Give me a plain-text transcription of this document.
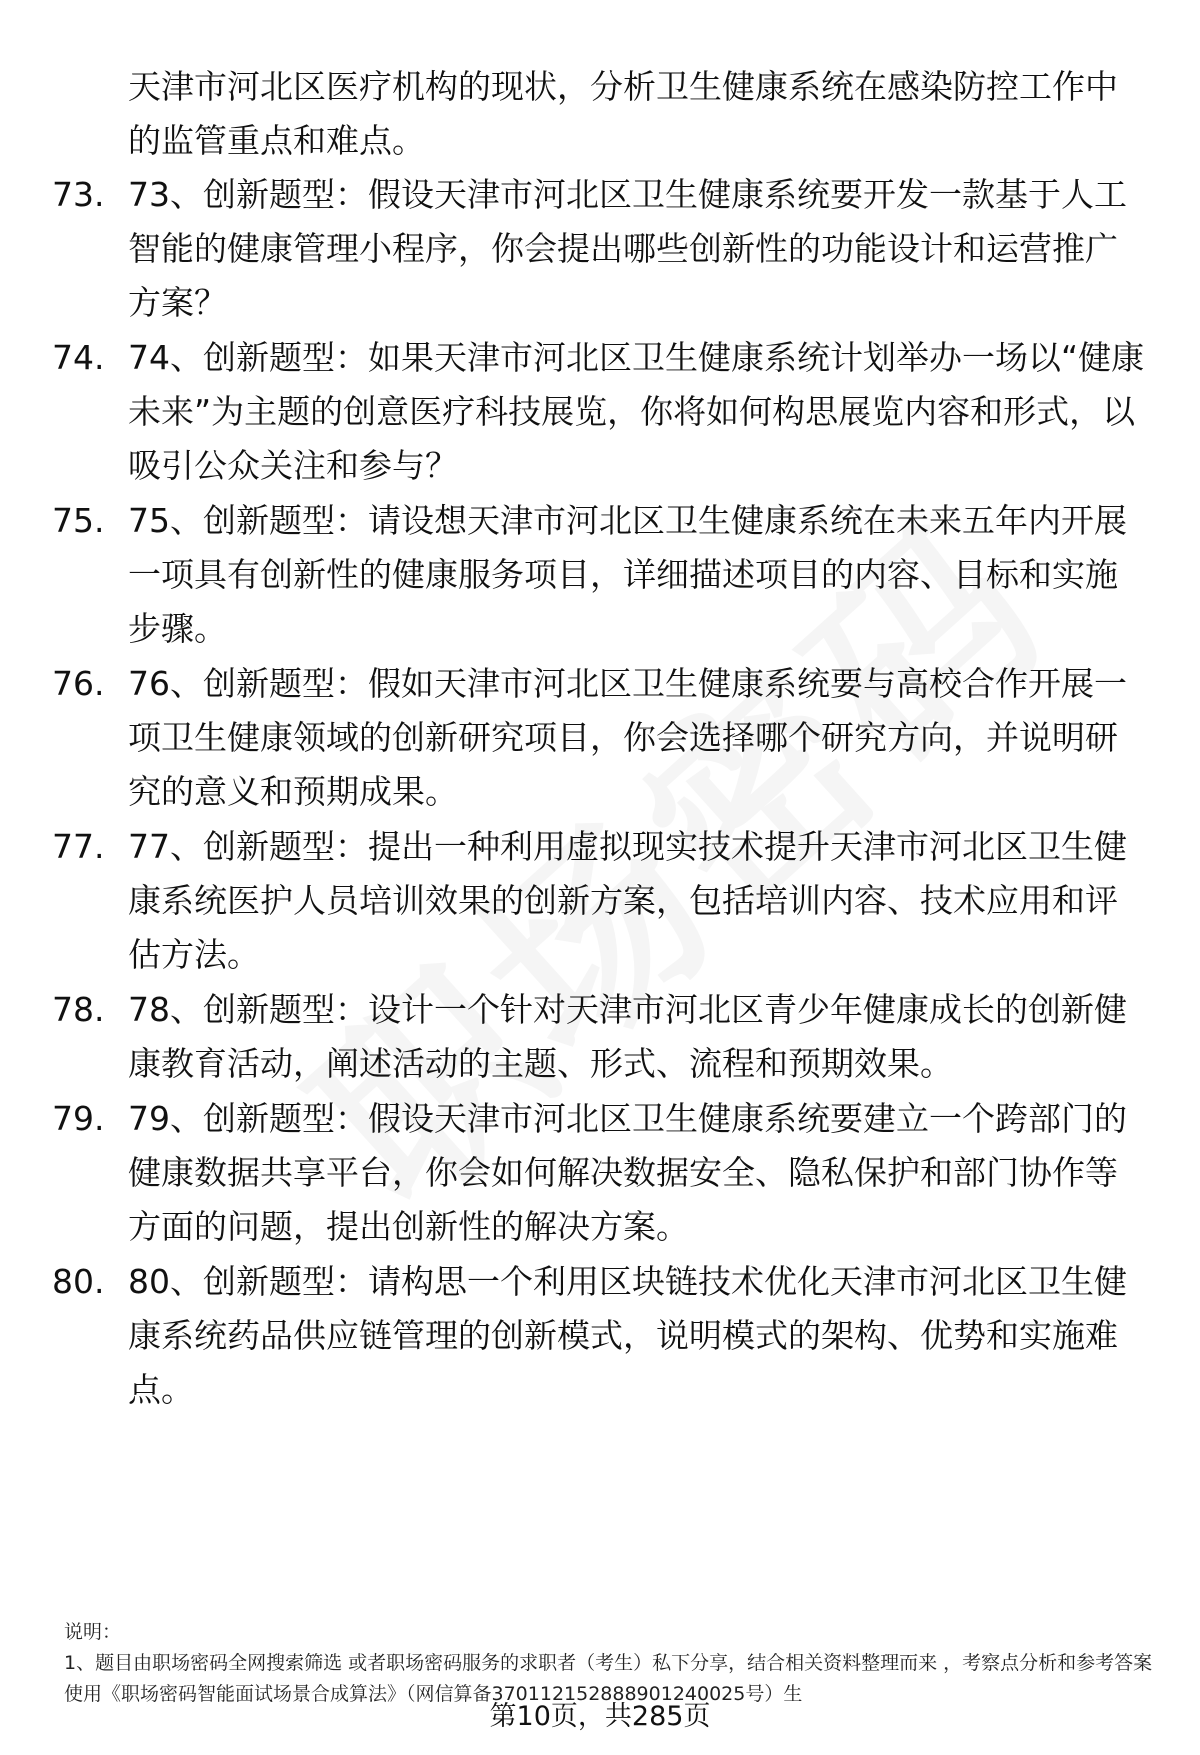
天津市河北区医疗机构的现状，分析卫生健康系统在感染防控工作中的监管重点和难点。
73. 73、创新题型：假设天津市河北区卫生健康系统要开发一款基于人工智能的健康管理小程序，你会提出哪些创新性的功能设计和运营推广方案？
74. 74、创新题型：如果天津市河北区卫生健康系统计划举办一场以“健康未来”为主题的创意医疗科技展览，你将如何构思展览内容和形式，以吸引公众关注和参与？
75. 75、创新题型：请设想天津市河北区卫生健康系统在未来五年内开展一项具有创新性的健康服务项目，详细描述项目的内容、目标和实施步骤。
76. 76、创新题型：假如天津市河北区卫生健康系统要与高校合作开展一项卫生健康领域的创新研究项目，你会选择哪个研究方向，并说明研究的意义和预期成果。
77. 77、创新题型：提出一种利用虚拟现实技术提升天津市河北区卫生健康系统医护人员培训效果的创新方案，包括培训内容、技术应用和评估方法。
78. 78、创新题型：设计一个针对天津市河北区青少年健康成长的创新健康教育活动，阐述活动的主题、形式、流程和预期效果。
79. 79、创新题型：假设天津市河北区卫生健康系统要建立一个跨部门的健康数据共享平台，你会如何解决数据安全、隐私保护和部门协作等方面的问题，提出创新性的解决方案。
80. 80、创新题型：请构思一个利用区块链技术优化天津市河北区卫生健康系统药品供应链管理的创新模式，说明模式的架构、优势和实施难点。
说明：
1、题目由职场密码全网搜索筛选 或者职场密码服务的求职者（考生）私下分享，结合相关资料整理而来 ，考察点分析和参考答案使用《职场密码智能面试场景合成算法》（网信算备370112152888901240025号）生
第10页，共285页
